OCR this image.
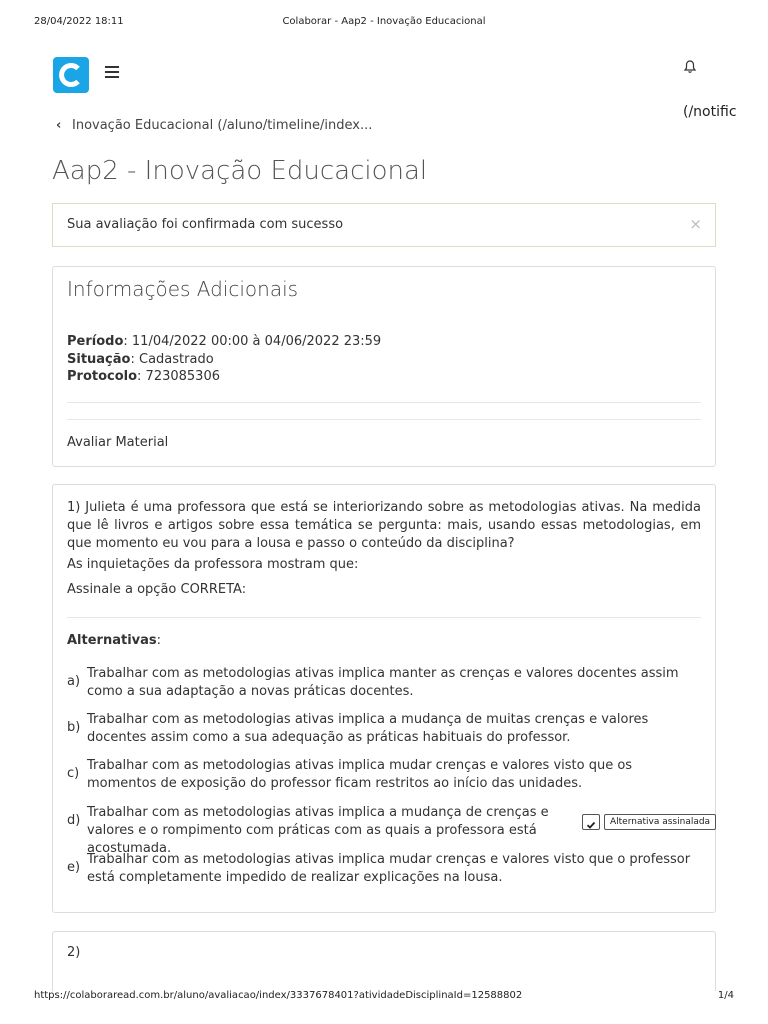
28/04/2022 18:11	Colaborar - Aap2 - Inovação Educacional
(/notific
‹ Inovação Educacional (/aluno/timeline/index...
Aap2 - Inovação Educacional
Sua avaliação foi confirmada com sucesso	×
Informações Adicionais
Período: 11/04/2022 00:00 à 04/06/2022 23:59
Situação: Cadastrado
Protocolo: 723085306
Avaliar Material
1) Julieta é uma professora que está se interiorizando sobre as metodologias ativas. Na medida que lê livros e artigos sobre essa temática se pergunta: mais, usando essas metodologias, em que momento eu vou para a lousa e passo o conteúdo da disciplina?
As inquietações da professora mostram que:
Assinale a opção CORRETA:
Alternativas:
a)
Trabalhar com as metodologias ativas implica manter as crenças e valores docentes assim como a sua adaptação a novas práticas docentes.
b)
Trabalhar com as metodologias ativas implica a mudança de muitas crenças e valores docentes assim como a sua adequação as práticas habituais do professor.
c)
Trabalhar com as metodologias ativas implica mudar crenças e valores visto que os momentos de exposição do professor ficam restritos ao início das unidades.
d)
Trabalhar com as metodologias ativas implica a mudança de crenças e valores e o rompimento com práticas com as quais a professora está acostumada.
Alternativa assinalada
e)
Trabalhar com as metodologias ativas implica mudar crenças e valores visto que o professor está completamente impedido de realizar explicações na lousa.
2)
https://colaboraread.com.br/aluno/avaliacao/index/3337678401?atividadeDisciplinaId=12588802	1/4
